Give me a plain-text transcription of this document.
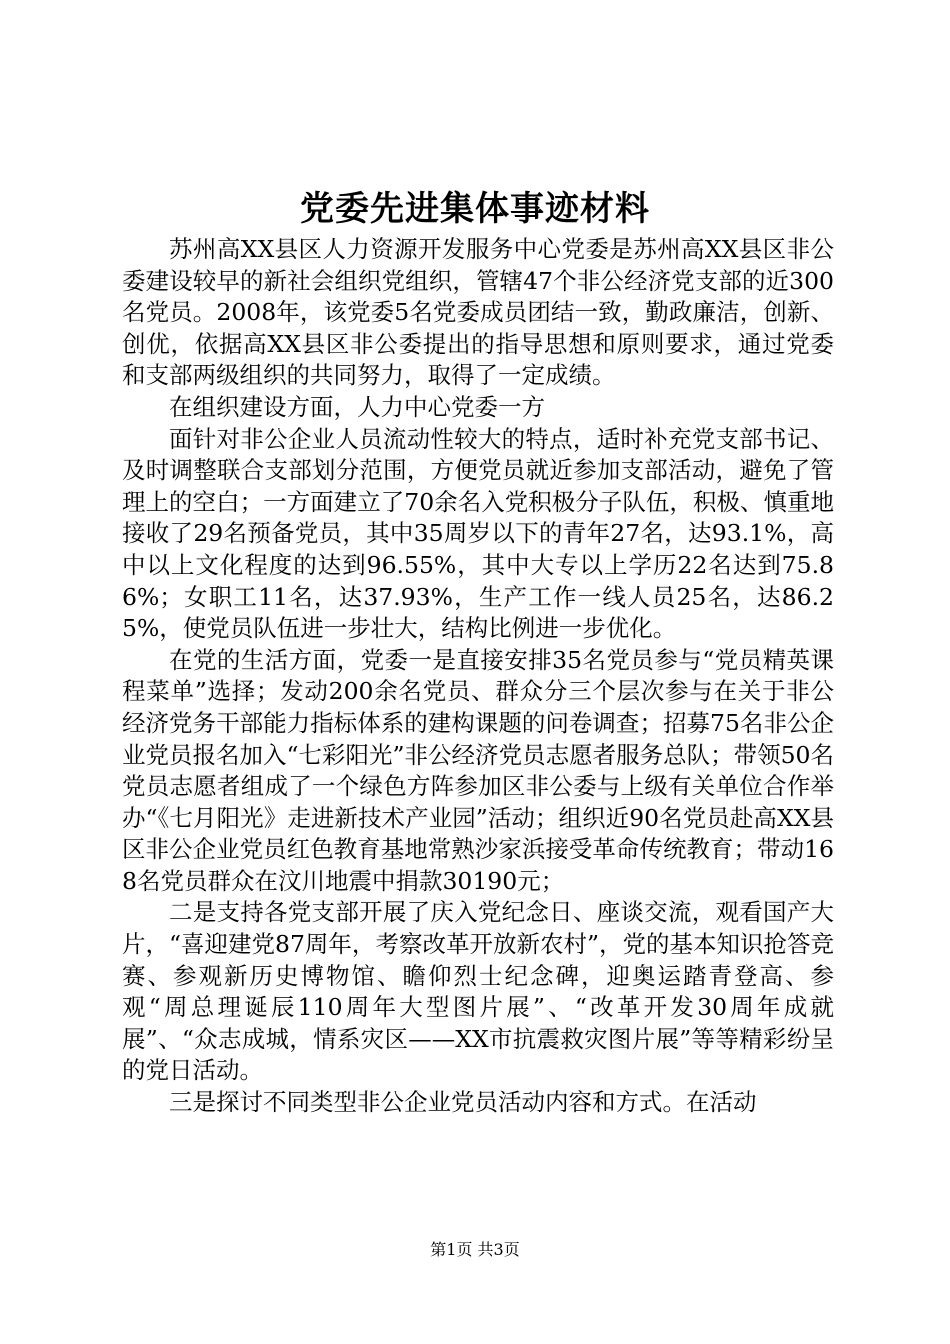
党委先进集体事迹材料

苏州高XX县区人力资源开发服务中心党委是苏州高XX县区非公委建设较早的新社会组织党组织，管辖47个非公经济党支部的近300名党员。2008年，该党委5名党委成员团结一致，勤政廉洁，创新、创优，依据高XX县区非公委提出的指导思想和原则要求，通过党委和支部两级组织的共同努力，取得了一定成绩。

在组织建设方面，人力中心党委一方

面针对非公企业人员流动性较大的特点，适时补充党支部书记、及时调整联合支部划分范围，方便党员就近参加支部活动，避免了管理上的空白；一方面建立了70余名入党积极分子队伍，积极、慎重地接收了29名预备党员，其中35周岁以下的青年27名，达93.1%，高中以上文化程度的达到96.55%，其中大专以上学历22名达到75.86%；女职工11名，达37.93%，生产工作一线人员25名，达86.25%，使党员队伍进一步壮大，结构比例进一步优化。

在党的生活方面，党委一是直接安排35名党员参与“党员精英课程菜单”选择；发动200余名党员、群众分三个层次参与在关于非公经济党务干部能力指标体系的建构课题的问卷调查；招募75名非公企业党员报名加入“七彩阳光”非公经济党员志愿者服务总队；带领50名党员志愿者组成了一个绿色方阵参加区非公委与上级有关单位合作举办“《七月阳光》走进新技术产业园”活动；组织近90名党员赴高XX县区非公企业党员红色教育基地常熟沙家浜接受革命传统教育；带动168名党员群众在汶川地震中捐款30190元；

二是支持各党支部开展了庆入党纪念日、座谈交流，观看国产大片，“喜迎建党87周年，考察改革开放新农村”，党的基本知识抢答竞赛、参观新历史博物馆、瞻仰烈士纪念碑，迎奥运踏青登高、参观“周总理诞辰110周年大型图片展”、“改革开发30周年成就展”、“众志成城，情系灾区——XX市抗震救灾图片展”等等精彩纷呈的党日活动。

三是探讨不同类型非公企业党员活动内容和方式。在活动

第1页 共3页
